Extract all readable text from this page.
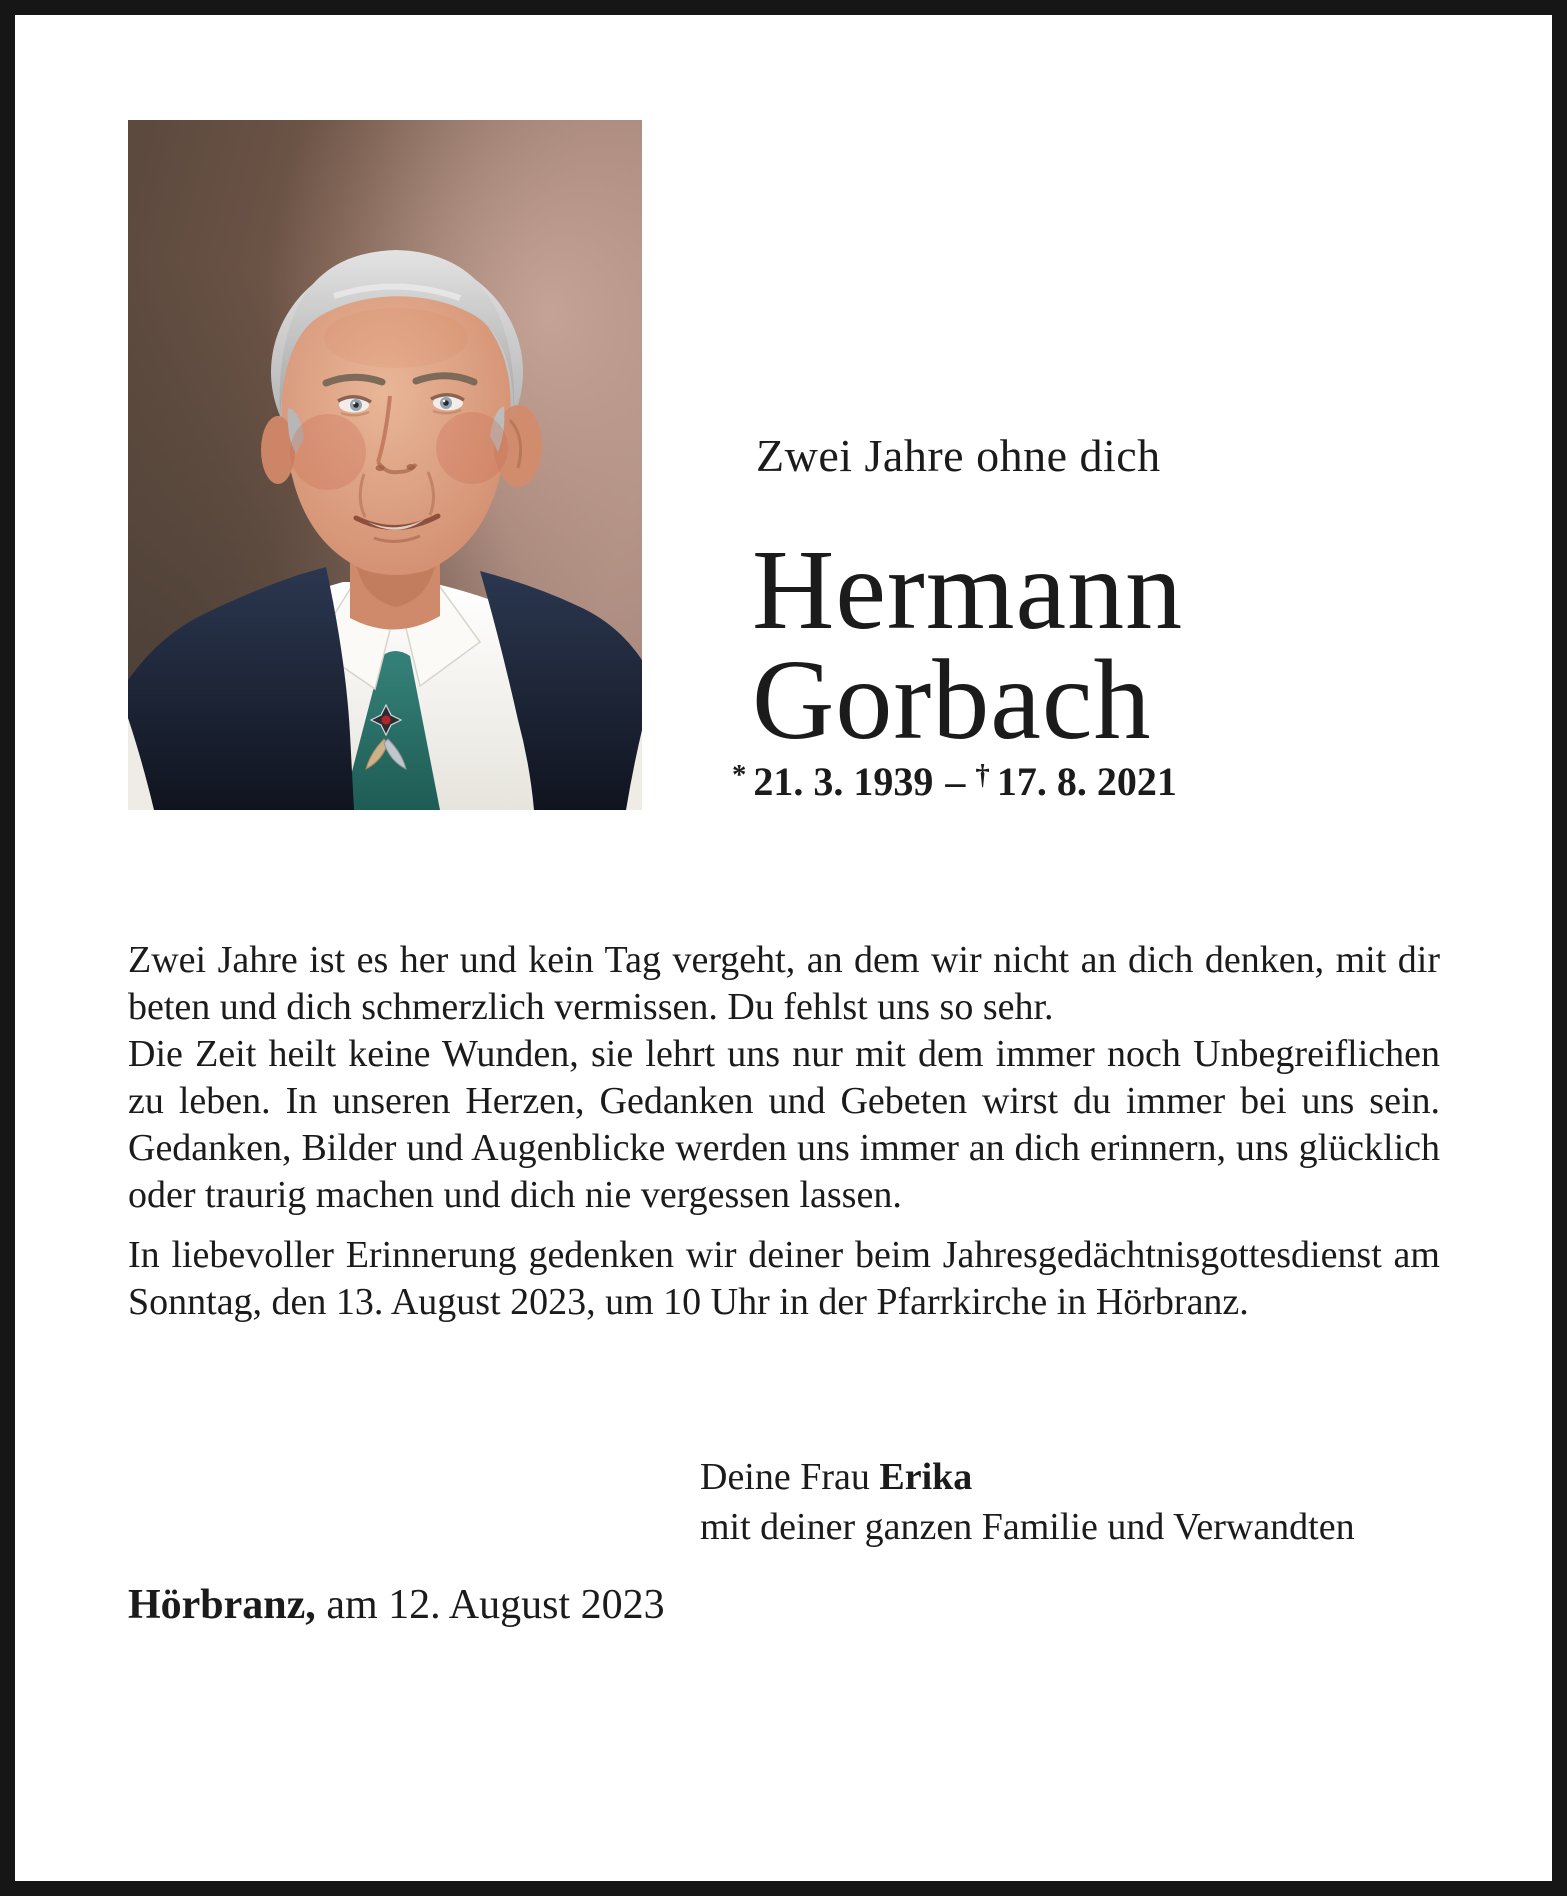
Zwei Jahre ohne dich
Hermann
Gorbach
* 21. 3. 1939 – † 17. 8. 2021

Zwei Jahre ist es her und kein Tag vergeht, an dem wir nicht an dich denken, mit dir beten und dich schmerzlich vermissen. Du fehlst uns so sehr.

Die Zeit heilt keine Wunden, sie lehrt uns nur mit dem immer noch Unbegreiflichen zu leben. In unseren Herzen, Gedanken und Gebeten wirst du immer bei uns sein. Gedanken, Bilder und Augenblicke werden uns immer an dich erinnern, uns glücklich oder traurig machen und dich nie vergessen lassen.

In liebevoller Erinnerung gedenken wir deiner beim Jahresgedächtnisgottesdienst am Sonntag, den 13. August 2023, um 10 Uhr in der Pfarrkirche in Hörbranz.

Deine Frau Erika
mit deiner ganzen Familie und Verwandten
Hörbranz, am 12. August 2023
